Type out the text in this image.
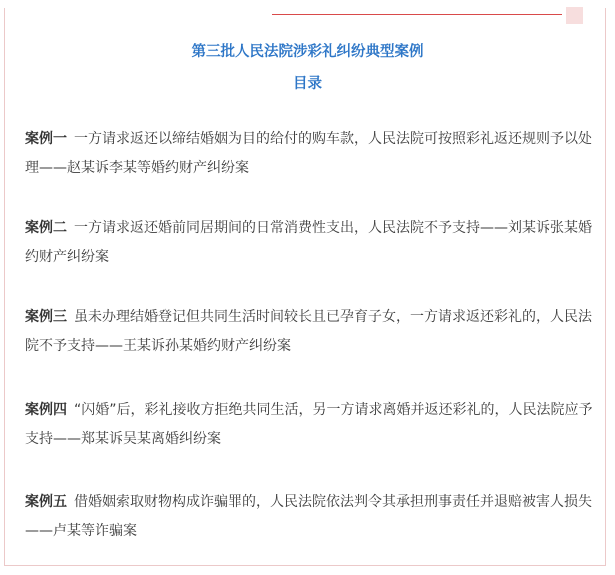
第三批人民法院涉彩礼纠纷典型案例
目录
案例一 一方请求返还以缔结婚姻为目的给付的购车款，人民法院可按照彩礼返还规则予以处理——赵某诉李某等婚约财产纠纷案
案例二 一方请求返还婚前同居期间的日常消费性支出，人民法院不予支持——刘某诉张某婚约财产纠纷案
案例三 虽未办理结婚登记但共同生活时间较长且已孕育子女，一方请求返还彩礼的，人民法院不予支持——王某诉孙某婚约财产纠纷案
案例四 “闪婚”后，彩礼接收方拒绝共同生活，另一方请求离婚并返还彩礼的，人民法院应予支持——郑某诉吴某离婚纠纷案
案例五 借婚姻索取财物构成诈骗罪的，人民法院依法判令其承担刑事责任并退赔被害人损失——卢某等诈骗案
